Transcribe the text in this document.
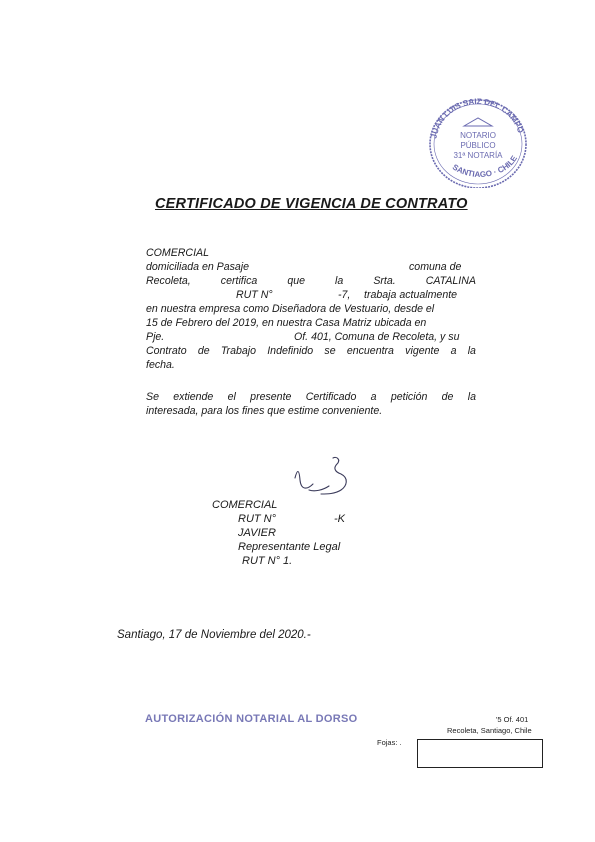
JUAN LUIS SAIZ DEL CAMPO
SANTIAGO · CHILE
NOTARIO
PÚBLICO
31ª NOTARÍA
CERTIFICADO DE VIGENCIA DE CONTRATO
COMERCIAL
domiciliada en Pasaje	comuna de
Recoleta,	certifica	que	la	Srta.	CATALINA
RUT N°	-7, trabaja actualmente
en nuestra empresa como Diseñadora de Vestuario, desde el
15 de Febrero del 2019, en nuestra Casa Matriz ubicada en
Pje.	Of. 401, Comuna de Recoleta, y su
Contrato de Trabajo Indefinido se encuentra vigente a la
fecha.
Se extiende el presente Certificado a petición de la
interesada, para los fines que estime conveniente.
COMERCIAL
RUT N°	-K
JAVIER
Representante Legal
RUT N° 1.
Santiago, 17 de Noviembre del 2020.-
AUTORIZACIÓN NOTARIAL AL DORSO	'5 Of. 401
Recoleta, Santiago, Chile
Fojas: .
